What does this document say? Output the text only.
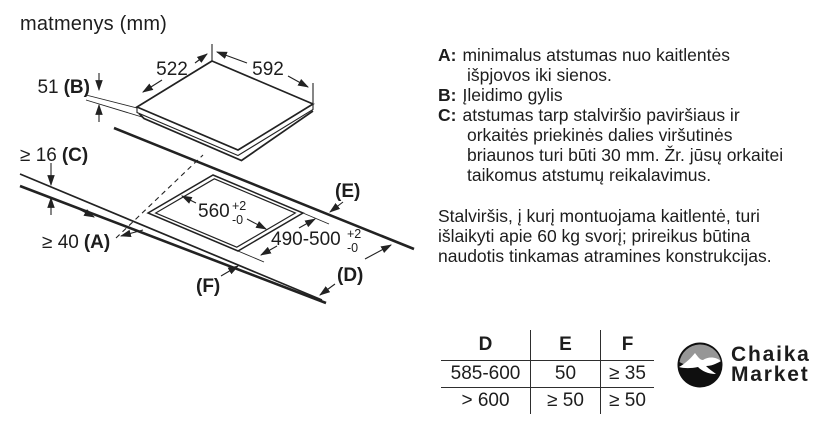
matmenys (mm)
522	592
51 (B)
≥ 16 (C)
≥ 40 (A)
560 +2
-0
490-500 +2
-0
(E)
(D)
(F)
A: minimalus atstumas nuo kaitlentės išpjovos iki sienos.
B: Įleidimo gylis
C: atstumas tarp stalviršio paviršiaus ir orkaitės priekinės dalies viršutinės briaunos turi būti 30 mm. Žr. jūsų orkaitei taikomus atstumų reikalavimus.
Stalviršis, į kurį montuojama kaitlentė, turi išlaikyti apie 60 kg svorį; prireikus būtina naudotis tinkamas atramines konstrukcijas.
D	E	F
585-600	50	≥ 35
> 600	≥ 50	≥ 50
Chaika
Market
